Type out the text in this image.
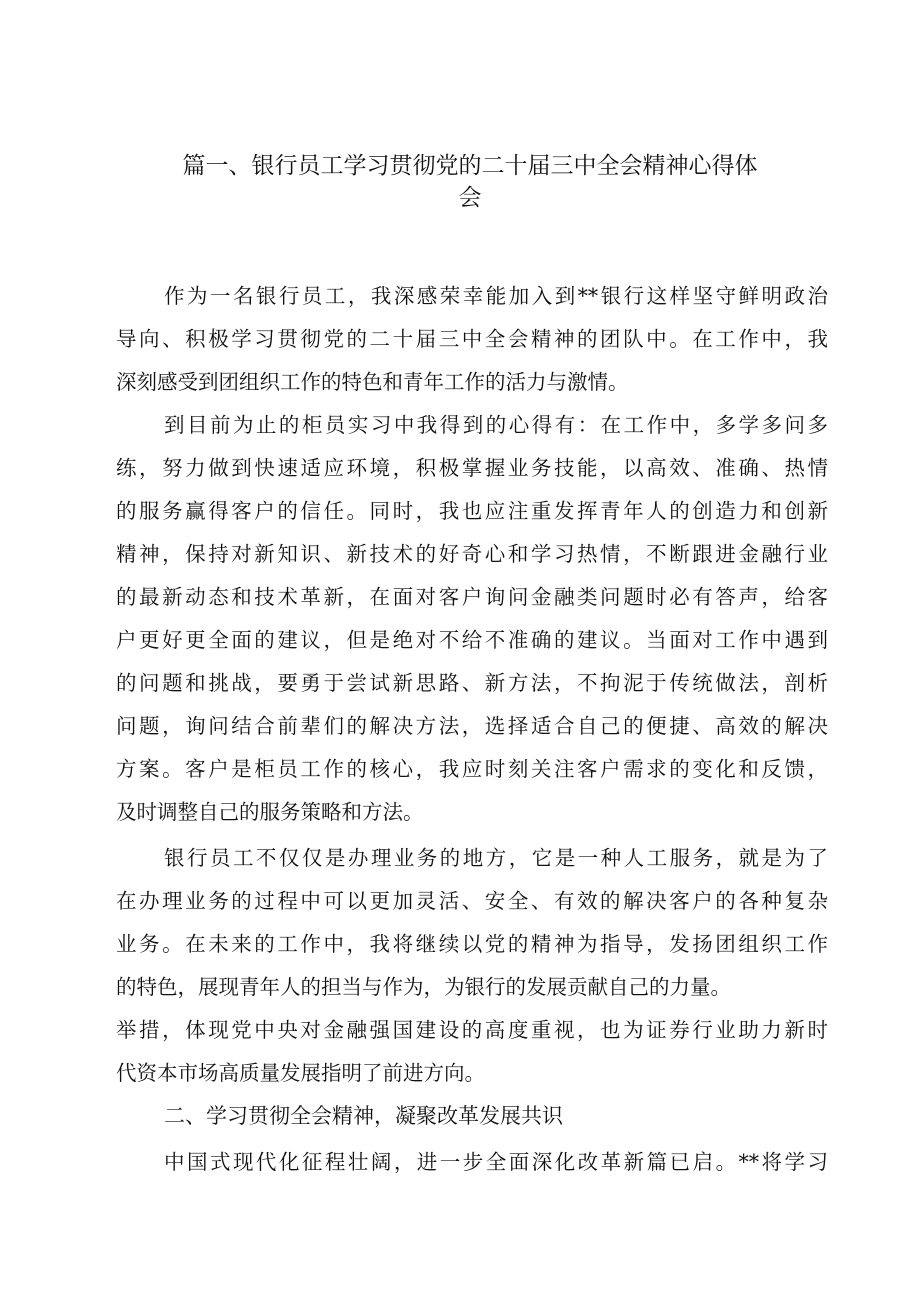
篇一、银行员工学习贯彻党的二十届三中全会精神心得体
会
作为一名银行员工，我深感荣幸能加入到**银行这样坚守鲜明政治
导向、积极学习贯彻党的二十届三中全会精神的团队中。在工作中，我
深刻感受到团组织工作的特色和青年工作的活力与激情。
到目前为止的柜员实习中我得到的心得有：在工作中，多学多问多
练，努力做到快速适应环境，积极掌握业务技能，以高效、准确、热情
的服务赢得客户的信任。同时，我也应注重发挥青年人的创造力和创新
精神，保持对新知识、新技术的好奇心和学习热情，不断跟进金融行业
的最新动态和技术革新，在面对客户询问金融类问题时必有答声，给客
户更好更全面的建议，但是绝对不给不准确的建议。当面对工作中遇到
的问题和挑战，要勇于尝试新思路、新方法，不拘泥于传统做法，剖析
问题，询问结合前辈们的解决方法，选择适合自己的便捷、高效的解决
方案。客户是柜员工作的核心，我应时刻关注客户需求的变化和反馈，
及时调整自己的服务策略和方法。
银行员工不仅仅是办理业务的地方，它是一种人工服务，就是为了
在办理业务的过程中可以更加灵活、安全、有效的解决客户的各种复杂
业务。在未来的工作中，我将继续以党的精神为指导，发扬团组织工作
的特色，展现青年人的担当与作为，为银行的发展贡献自己的力量。
举措，体现党中央对金融强国建设的高度重视，也为证券行业助力新时
代资本市场高质量发展指明了前进方向。
二、学习贯彻全会精神，凝聚改革发展共识
中国式现代化征程壮阔，进一步全面深化改革新篇已启。**将学习
